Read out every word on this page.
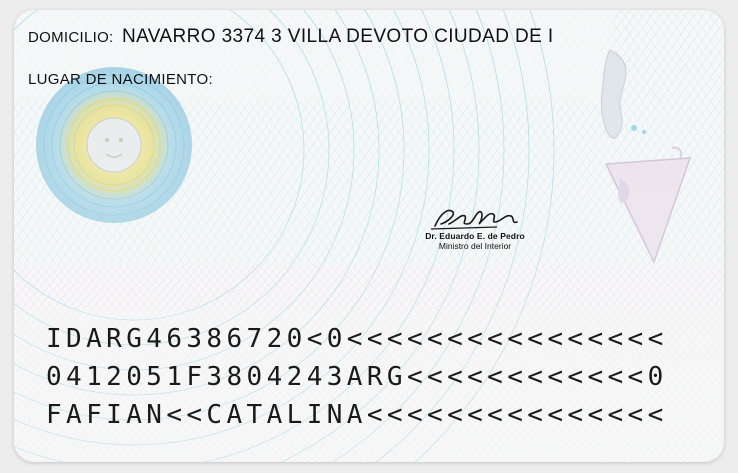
DOMICILIO: NAVARRO 3374 3 VILLA DEVOTO CIUDAD DE I
LUGAR DE NACIMIENTO:
Dr. Eduardo E. de Pedro
Ministro del Interior
IDARG46386720<0<<<<<<<<<<<<<<<<
0412051F3804243ARG<<<<<<<<<<<<0
FAFIAN<<CATALINA<<<<<<<<<<<<<<<
